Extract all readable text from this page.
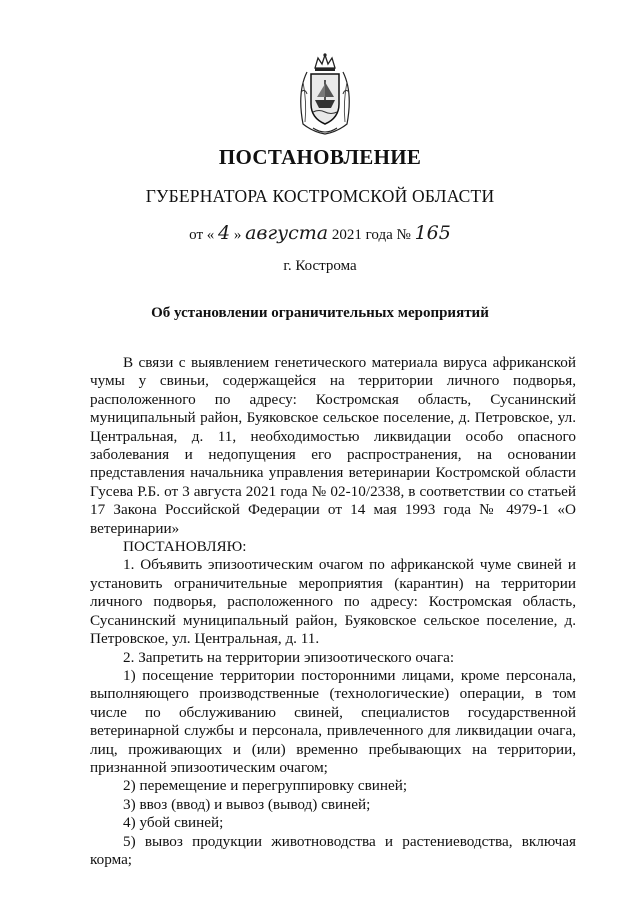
ПОСТАНОВЛЕНИЕ
ГУБЕРНАТОРА КОСТРОМСКОЙ ОБЛАСТИ
от « 4 » августа 2021 года № 165
г. Кострома
Об установлении ограничительных мероприятий

В связи с выявлением генетического материала вируса африканской чумы у свиньи, содержащейся на территории личного подворья, расположенного по адресу: Костромская область, Сусанинский муниципальный район, Буяковское сельское поселение, д. Петровское, ул. Центральная, д. 11, необходимостью ликвидации особо опасного заболевания и недопущения его распространения, на основании представления начальника управления ветеринарии Костромской области Гусева Р.Б. от 3 августа 2021 года № 02-10/2338, в соответствии со статьей 17 Закона Российской Федерации от 14 мая 1993 года № 4979-1 «О ветеринарии»

ПОСТАНОВЛЯЮ:

1. Объявить эпизоотическим очагом по африканской чуме свиней и установить ограничительные мероприятия (карантин) на территории личного подворья, расположенного по адресу: Костромская область, Сусанинский муниципальный район, Буяковское сельское поселение, д. Петровское, ул. Центральная, д. 11.

2. Запретить на территории эпизоотического очага:

1) посещение территории посторонними лицами, кроме персонала, выполняющего производственные (технологические) операции, в том числе по обслуживанию свиней, специалистов государственной ветеринарной службы и персонала, привлеченного для ликвидации очага, лиц, проживающих и (или) временно пребывающих на территории, признанной эпизоотическим очагом;

2) перемещение и перегруппировку свиней;

3) ввоз (ввод) и вывоз (вывод) свиней;

4) убой свиней;

5) вывоз продукции животноводства и растениеводства, включая корма;
